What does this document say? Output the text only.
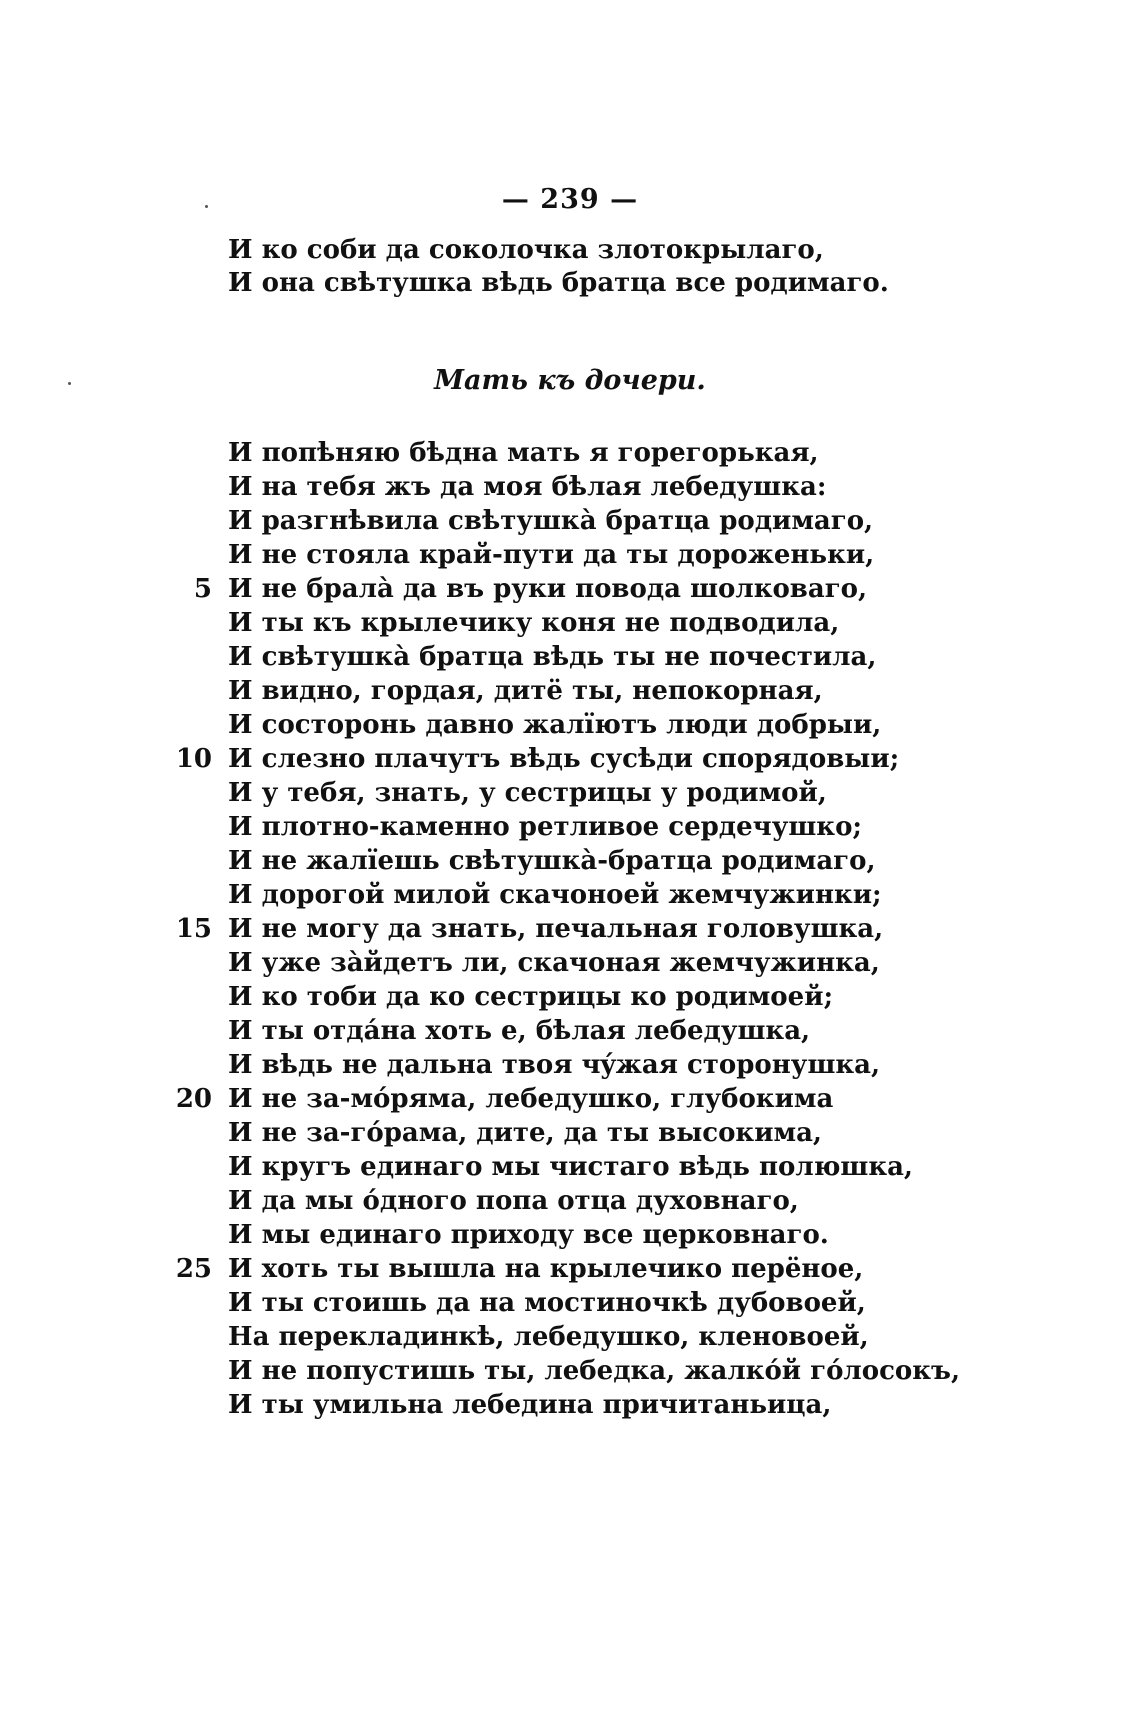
— 239 —
И ко соби да соколочка злотокрылаго,
И она свѣтушка вѣдь братца все родимаго.
Мать къ дочери.
И попѣняю бѣдна мать я горегорькая,
И на тебя жъ да моя бѣлая лебедушка:
И разгнѣвила свѣтушкà братца родимаго,
И не стояла край-пути да ты дороженьки,
5 И не бралà да въ руки повода шолковаго,
И ты къ крылечику коня не подводила,
И свѣтушкà братца вѣдь ты не почестила,
И видно, гордая, дитё ты, непокорная,
И состоронь давно жалïютъ люди добрыи,
10 И слезно плачутъ вѣдь сусѣди спорядовыи;
И у тебя, знать, у сестрицы у родимой,
И плотно-каменно ретливое сердечушко;
И не жалïешь свѣтушкà-братца родимаго,
И дорогой милой скачоноей жемчужинки;
15 И не могу да знать, печальная головушка,
И уже зàйдетъ ли, скачоная жемчужинка,
И ко тоби да ко сестрицы ко родимоей;
И ты отдáна хоть е, бѣлая лебедушка,
И вѣдь не дальна твоя чýжая сторонушка,
20 И не за-мóряма, лебедушко, глубокима
И не за-гóрама, дите, да ты высокима,
И кругъ единаго мы чистаго вѣдь полюшка,
И да мы óдного попа отца духовнаго,
И мы единаго приходу все церковнаго.
25 И хоть ты вышла на крылечико перёное,
И ты стоишь да на мостиночкѣ дубовоей,
На перекладинкѣ, лебедушко, кленовоей,
И не попустишь ты, лебедка, жалкóй гóлосокъ,
И ты умильна лебедина причитаньица,
